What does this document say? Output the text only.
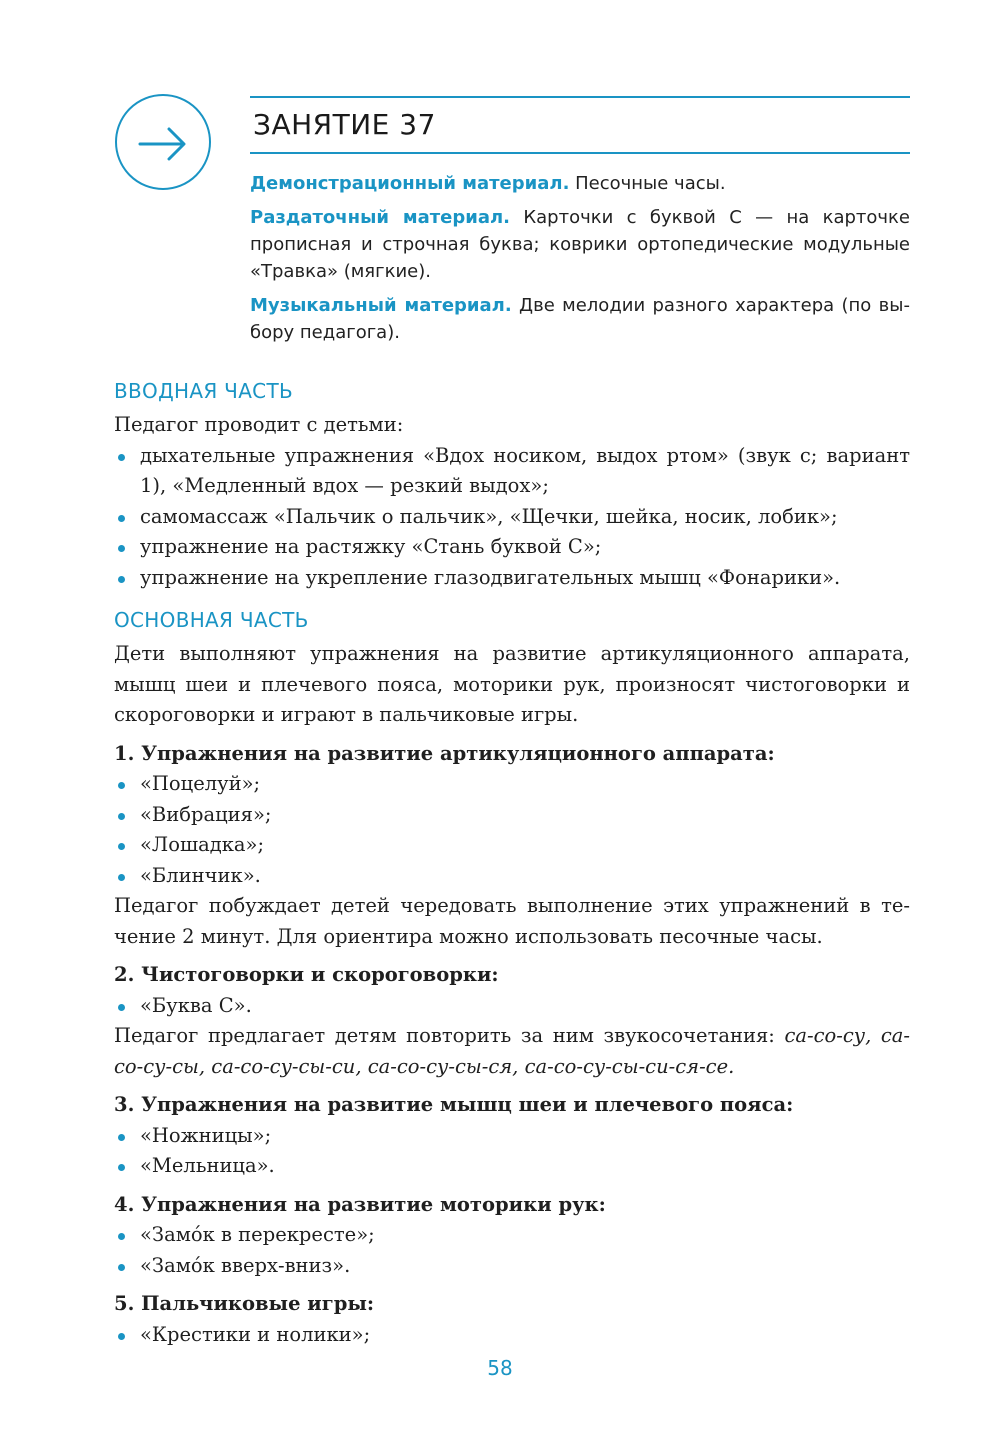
ЗАНЯТИЕ 37

Демонстрационный материал. Песочные часы.

Раздаточный материал. Карточки с буквой С — на карточке прописная и строчная буква; коврики ортопедические модульные «Травка» (мягкие).

Музыкальный материал. Две мелодии разного характера (по выбору педагога).

ВВОДНАЯ ЧАСТЬ

Педагог проводит с детьми:

дыхательные упражнения «Вдох носиком, выдох ртом» (звук с; вариант 1), «Медленный вдох — резкий выдох»;
самомассаж «Пальчик о пальчик», «Щечки, шейка, носик, лобик»;
упражнение на растяжку «Стань буквой С»;
упражнение на укрепление глазодвигательных мышц «Фонарики».
ОСНОВНАЯ ЧАСТЬ

Дети выполняют упражнения на развитие артикуляционного аппарата, мышц шеи и плечевого пояса, моторики рук, произносят чистоговорки и скороговорки и играют в пальчиковые игры.

1. Упражнения на развитие артикуляционного аппарата:

«Поцелуй»;
«Вибрация»;
«Лошадка»;
«Блинчик».

Педагог побуждает детей чередовать выполнение этих упражнений в течение 2 минут. Для ориентира можно использовать песочные часы.

2. Чистоговорки и скороговорки:

«Буква С».

Педагог предлагает детям повторить за ним звукосочетания: са-со-су, са-со-су-сы, са-со-су-сы-си, са-со-су-сы-ся, са-со-су-сы-си-ся-се.

3. Упражнения на развитие мышц шеи и плечевого пояса:

«Ножницы»;
«Мельница».

4. Упражнения на развитие моторики рук:

«Замóк в перекресте»;
«Замóк вверх-вниз».

5. Пальчиковые игры:

«Крестики и нолики»;
58
